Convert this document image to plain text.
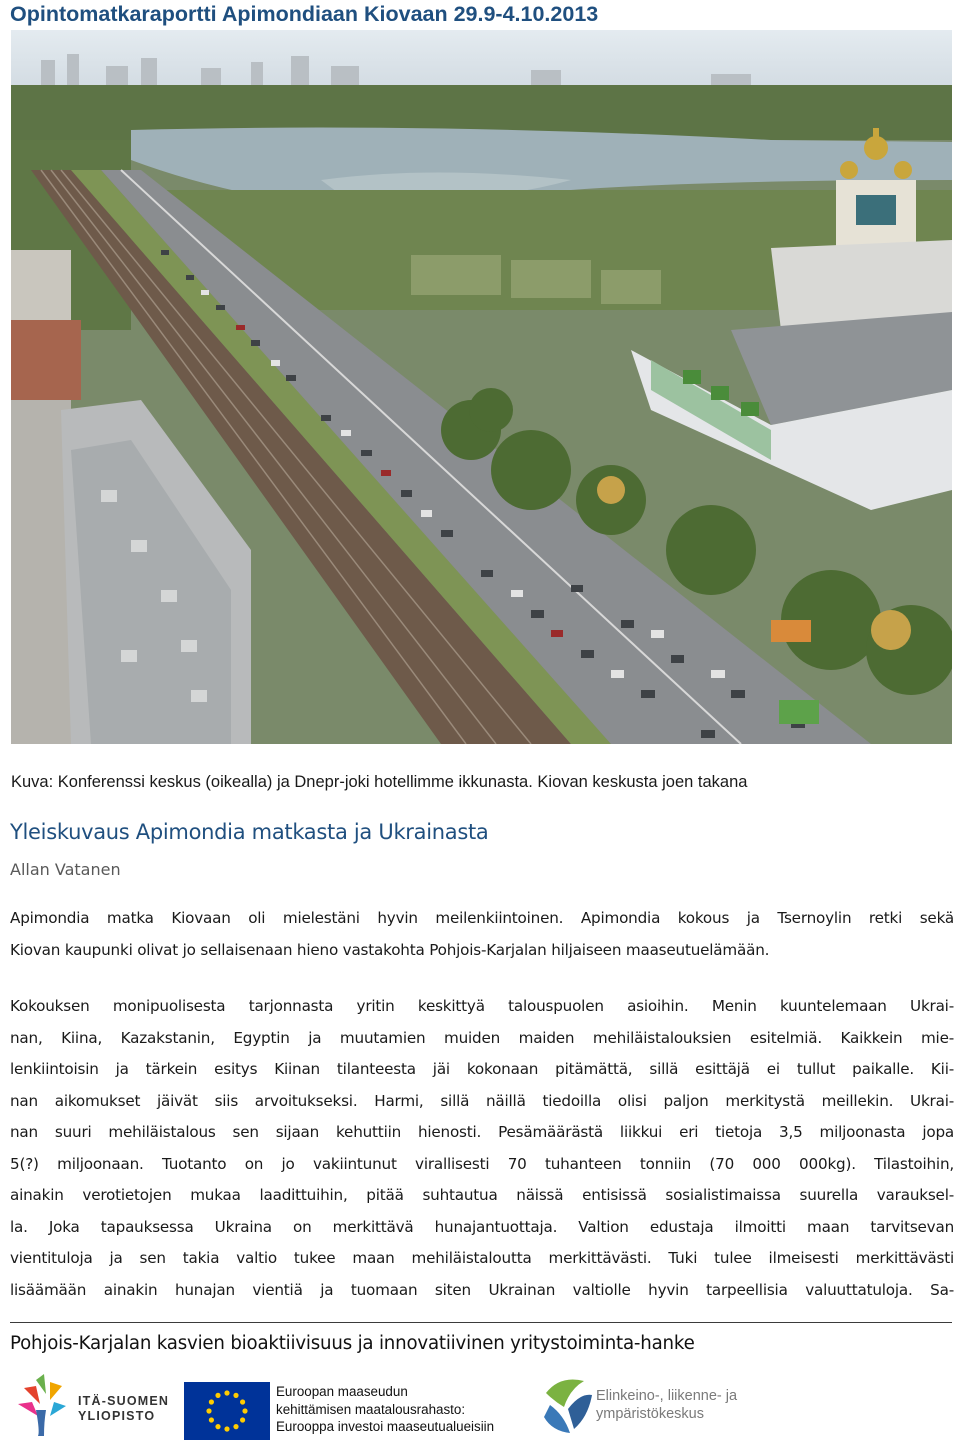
Opintomatkaraportti Apimondiaan Kiovaan 29.9-4.10.2013

Kuva: Konferenssi keskus (oikealla) ja Dnepr-joki hotellimme ikkunasta. Kiovan keskusta joen takana

Yleiskuvaus Apimondia matkasta ja Ukrainasta

Allan Vatanen

Apimondia matka Kiovaan oli mielestäni hyvin meilenkiintoinen. Apimondia kokous ja Tsernoylin retki sekä
Kiovan kaupunki olivat jo sellaisenaan hieno vastakohta Pohjois-Karjalan hiljaiseen maaseutuelämään.

Kokouksen monipuolisesta tarjonnasta yritin keskittyä talouspuolen asioihin. Menin kuuntelemaan Ukrai-
nan, Kiina, Kazakstanin, Egyptin ja muutamien muiden maiden mehiläistalouksien esitelmiä. Kaikkein mie-
lenkiintoisin ja tärkein esitys Kiinan tilanteesta jäi kokonaan pitämättä, sillä esittäjä ei tullut paikalle. Kii-
nan aikomukset jäivät siis arvoitukseksi. Harmi, sillä näillä tiedoilla olisi paljon merkitystä meillekin. Ukrai-
nan suuri mehiläistalous sen sijaan kehuttiin hienosti. Pesämäärästä liikkui eri tietoja 3,5 miljoonasta jopa
5(?) miljoonaan. Tuotanto on jo vakiintunut virallisesti 70 tuhanteen tonniin (70 000 000kg). Tilastoihin,
ainakin verotietojen mukaa laadittuihin, pitää suhtautua näissä entisissä sosialistimaissa suurella varauksel-
la. Joka tapauksessa Ukraina on merkittävä hunajantuottaja. Valtion edustaja ilmoitti maan tarvitsevan
vientituloja ja sen takia valtio tukee maan mehiläistaloutta merkittävästi. Tuki tulee ilmeisesti merkittävästi
lisäämään ainakin hunajan vientiä ja tuomaan siten Ukrainan valtiolle hyvin tarpeellisia valuuttatuloja. Sa-

Pohjois-Karjalan kasvien bioaktiivisuus ja innovatiivinen yritystoiminta-hanke

ITÄ-SUOMEN
YLIOPISTO
Euroopan maaseudun
kehittämisen maatalousrahasto:
Eurooppa investoi maaseutualueisiin
Elinkeino-, liikenne- ja
ympäristökeskus
